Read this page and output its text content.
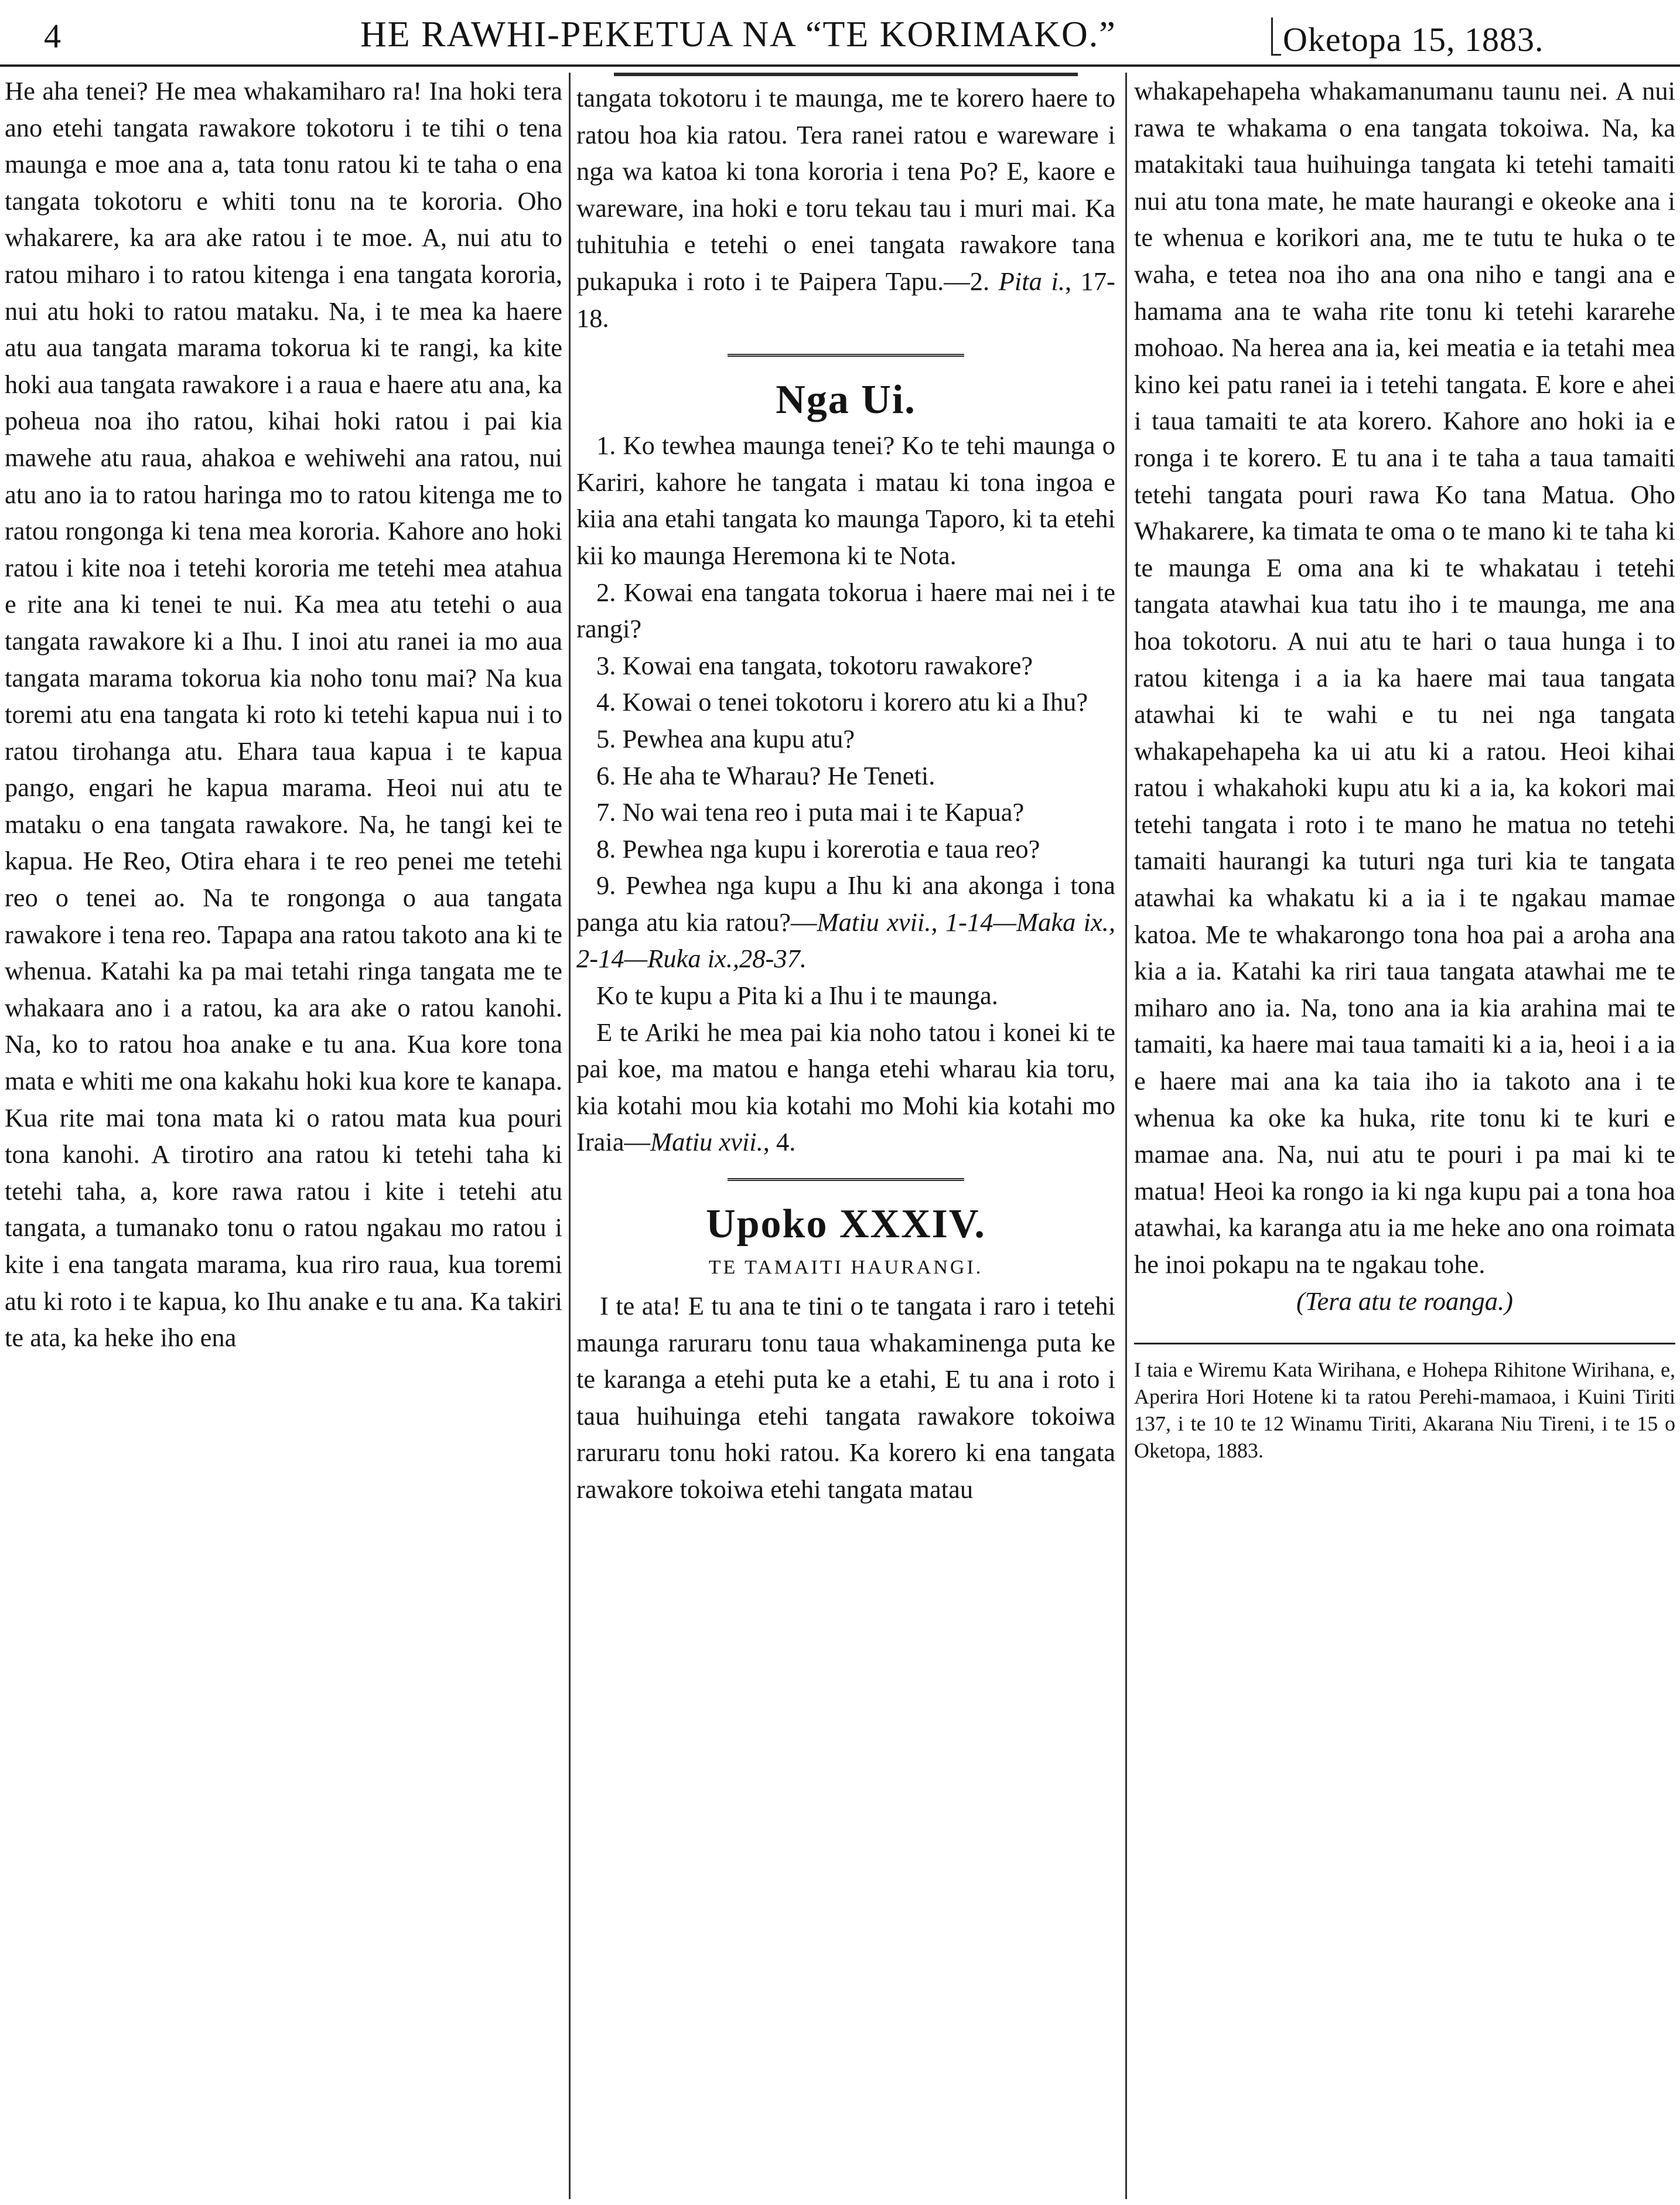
4	HE RAWHI-PEKETUA NA “TE KORIMAKO.”	Oketopa 15, 1883.

He aha tenei? He mea whakamiharo ra! Ina hoki tera ano etehi tangata rawakore tokotoru i te tihi o tena maunga e moe ana a, tata tonu ratou ki te taha o ena tangata tokotoru e whiti tonu na te kororia. Oho whakarere, ka ara ake ratou i te moe. A, nui atu to ratou miharo i to ratou kitenga i ena tangata kororia, nui atu hoki to ratou mataku. Na, i te mea ka haere atu aua tangata marama tokorua ki te rangi, ka kite hoki aua tangata rawakore i a raua e haere atu ana, ka poheua noa iho ratou, kihai hoki ratou i pai kia mawehe atu raua, ahakoa e wehiwehi ana ratou, nui atu ano ia to ratou haringa mo to ratou kitenga me to ratou rongonga ki tena mea kororia. Kahore ano hoki ratou i kite noa i tetehi kororia me tetehi mea atahua e rite ana ki tenei te nui. Ka mea atu tetehi o aua tangata rawakore ki a Ihu. I inoi atu ranei ia mo aua tangata marama tokorua kia noho tonu mai? Na kua toremi atu ena tangata ki roto ki tetehi kapua nui i to ratou tirohanga atu. Ehara taua kapua i te kapua pango, engari he kapua marama. Heoi nui atu te mataku o ena tangata rawakore. Na, he tangi kei te kapua. He Reo, Otira ehara i te reo penei me tetehi reo o tenei ao. Na te rongonga o aua tangata rawakore i tena reo. Tapapa ana ratou takoto ana ki te whenua. Katahi ka pa mai tetahi ringa tangata me te whakaara ano i a ratou, ka ara ake o ratou kanohi. Na, ko to ratou hoa anake e tu ana. Kua kore tona mata e whiti me ona kakahu hoki kua kore te kanapa. Kua rite mai tona mata ki o ratou mata kua pouri tona kanohi. A tirotiro ana ratou ki tetehi taha ki tetehi taha, a, kore rawa ratou i kite i tetehi atu tangata, a tumanako tonu o ratou ngakau mo ratou i kite i ena tangata marama, kua riro raua, kua toremi atu ki roto i te kapua, ko Ihu anake e tu ana. Ka takiri te ata, ka heke iho ena

tangata tokotoru i te maunga, me te korero haere to ratou hoa kia ratou. Tera ranei ratou e wareware i nga wa katoa ki tona kororia i tena Po? E, kaore e wareware, ina hoki e toru tekau tau i muri mai. Ka tuhituhia e tetehi o enei tangata rawakore tana pukapuka i roto i te Paipera Tapu.—2. Pita i., 17-18.

Nga Ui.

1. Ko tewhea maunga tenei? Ko te tehi maunga o Kariri, kahore he tangata i matau ki tona ingoa e kiia ana etahi tangata ko maunga Taporo, ki ta etehi kii ko maunga Heremona ki te Nota.

2. Kowai ena tangata tokorua i haere mai nei i te rangi?

3. Kowai ena tangata, tokotoru rawakore?

4. Kowai o tenei tokotoru i korero atu ki a Ihu?

5. Pewhea ana kupu atu?

6. He aha te Wharau? He Teneti.

7. No wai tena reo i puta mai i te Kapua?

8. Pewhea nga kupu i korerotia e taua reo?

9. Pewhea nga kupu a Ihu ki ana akonga i tona panga atu kia ratou?—Matiu xvii., 1-14—Maka ix., 2-14—Ruka ix.,28-37.

Ko te kupu a Pita ki a Ihu i te maunga.

E te Ariki he mea pai kia noho tatou i konei ki te pai koe, ma matou e hanga etehi wharau kia toru, kia kotahi mou kia kotahi mo Mohi kia kotahi mo Iraia—Matiu xvii., 4.

Upoko XXXIV.
TE TAMAITI HAURANGI.

I te ata! E tu ana te tini o te tangata i raro i tetehi maunga raruraru tonu taua whakaminenga puta ke te karanga a etehi puta ke a etahi, E tu ana i roto i taua huihuinga etehi tangata rawakore tokoiwa raruraru tonu hoki ratou. Ka korero ki ena tangata rawakore tokoiwa etehi tangata matau

whakapehapeha whakamanumanu taunu nei. A nui rawa te whakama o ena tangata tokoiwa. Na, ka matakitaki taua huihuinga tangata ki tetehi tamaiti nui atu tona mate, he mate haurangi e okeoke ana i te whenua e korikori ana, me te tutu te huka o te waha, e tetea noa iho ana ona niho e tangi ana e hamama ana te waha rite tonu ki tetehi kararehe mohoao. Na herea ana ia, kei meatia e ia tetahi mea kino kei patu ranei ia i tetehi tangata. E kore e ahei i taua tamaiti te ata korero. Kahore ano hoki ia e ronga i te korero. E tu ana i te taha a taua tamaiti tetehi tangata pouri rawa Ko tana Matua. Oho Whakarere, ka timata te oma o te mano ki te taha ki te maunga E oma ana ki te whakatau i tetehi tangata atawhai kua tatu iho i te maunga, me ana hoa tokotoru. A nui atu te hari o taua hunga i to ratou kitenga i a ia ka haere mai taua tangata atawhai ki te wahi e tu nei nga tangata whakapehapeha ka ui atu ki a ratou. Heoi kihai ratou i whakahoki kupu atu ki a ia, ka kokori mai tetehi tangata i roto i te mano he matua no tetehi tamaiti haurangi ka tuturi nga turi kia te tangata atawhai ka whakatu ki a ia i te ngakau mamae katoa. Me te whakarongo tona hoa pai a aroha ana kia a ia. Katahi ka riri taua tangata atawhai me te miharo ano ia. Na, tono ana ia kia arahina mai te tamaiti, ka haere mai taua tamaiti ki a ia, heoi i a ia e haere mai ana ka taia iho ia takoto ana i te whenua ka oke ka huka, rite tonu ki te kuri e mamae ana. Na, nui atu te pouri i pa mai ki te matua! Heoi ka rongo ia ki nga kupu pai a tona hoa atawhai, ka karanga atu ia me heke ano ona roimata he inoi pokapu na te ngakau tohe.

(Tera atu te roanga.)

I taia e Wiremu Kata Wirihana, e Hohepa Rihitone Wirihana, e, Aperira Hori Hotene ki ta ratou Perehi-mamaoa, i Kuini Tiriti 137, i te 10 te 12 Winamu Tiriti, Akarana Niu Tireni, i te 15 o Oketopa, 1883.
